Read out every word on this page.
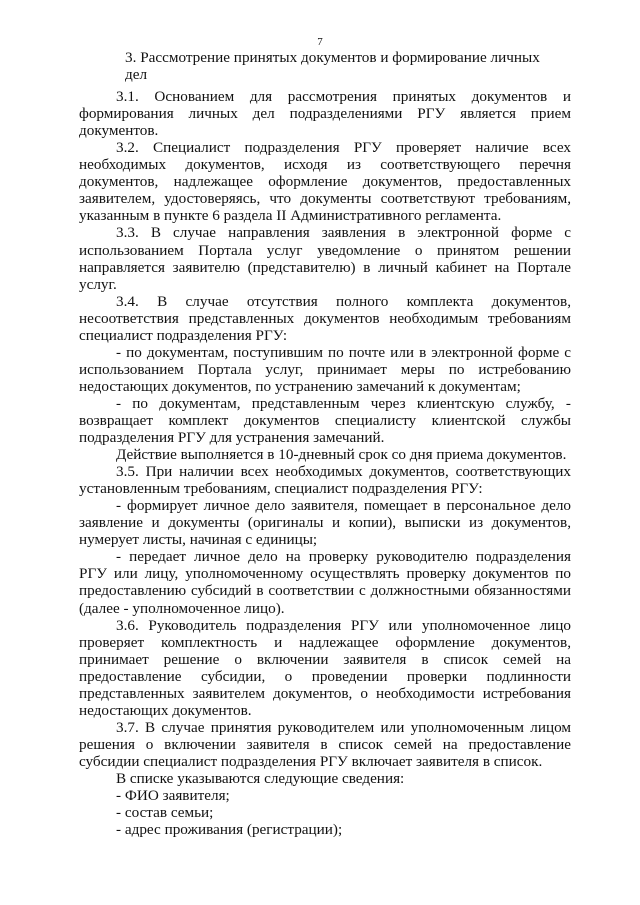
7
3. Рассмотрение принятых документов и формирование личных дел

3.1. Основанием для рассмотрения принятых документов и формирования личных дел подразделениями РГУ является прием документов.

3.2. Специалист подразделения РГУ проверяет наличие всех необходимых документов, исходя из соответствующего перечня документов, надлежащее оформление документов, предоставленных заявителем, удостоверяясь, что документы соответствуют требованиям, указанным в пункте 6 раздела II Административного регламента.

3.3. В случае направления заявления в электронной форме с использованием Портала услуг уведомление о принятом решении направляется заявителю (представителю) в личный кабинет на Портале услуг.

3.4. В случае отсутствия полного комплекта документов, несоответствия представленных документов необходимым требованиям специалист подразделения РГУ:

- по документам, поступившим по почте или в электронной форме с использованием Портала услуг, принимает меры по истребованию недостающих документов, по устранению замечаний к документам;

- по документам, представленным через клиентскую службу, - возвращает комплект документов специалисту клиентской службы подразделения РГУ для устранения замечаний.

Действие выполняется в 10-дневный срок со дня приема документов.

3.5. При наличии всех необходимых документов, соответствующих установленным требованиям, специалист подразделения РГУ:

- формирует личное дело заявителя, помещает в персональное дело заявление и документы (оригиналы и копии), выписки из документов, нумерует листы, начиная с единицы;

- передает личное дело на проверку руководителю подразделения РГУ или лицу, уполномоченному осуществлять проверку документов по предоставлению субсидий в соответствии с должностными обязанностями (далее - уполномоченное лицо).

3.6. Руководитель подразделения РГУ или уполномоченное лицо проверяет комплектность и надлежащее оформление документов, принимает решение о включении заявителя в список семей на предоставление субсидии, о проведении проверки подлинности представленных заявителем документов, о необходимости истребования недостающих документов.

3.7. В случае принятия руководителем или уполномоченным лицом решения о включении заявителя в список семей на предоставление субсидии специалист подразделения РГУ включает заявителя в список.

В списке указываются следующие сведения:

- ФИО заявителя;

- состав семьи;

- адрес проживания (регистрации);
